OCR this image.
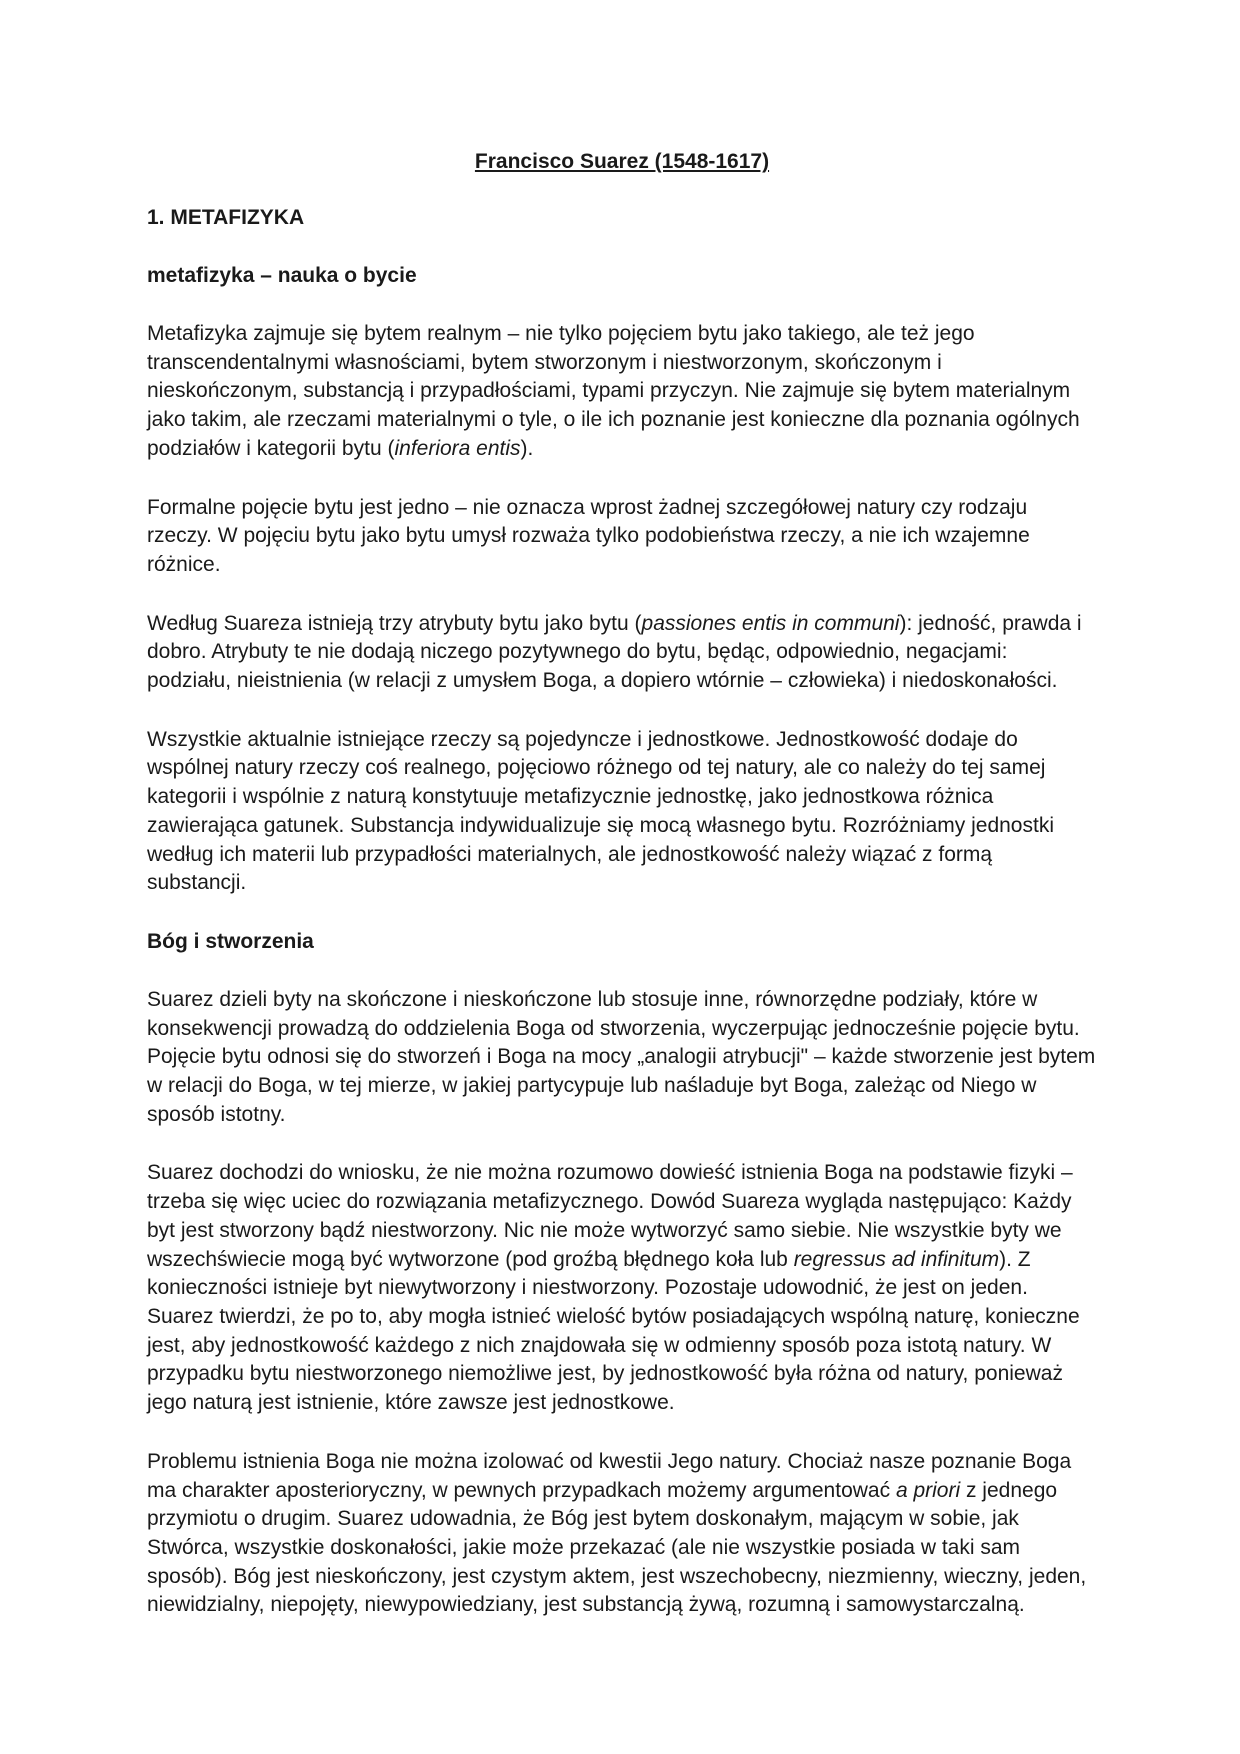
Francisco Suarez (1548-1617)
1. METAFIZYKA
metafizyka – nauka o bycie

Metafizyka zajmuje się bytem realnym – nie tylko pojęciem bytu jako takiego, ale też jego transcendentalnymi własnościami, bytem stworzonym i niestworzonym, skończonym i nieskończonym, substancją i przypadłościami, typami przyczyn. Nie zajmuje się bytem materialnym jako takim, ale rzeczami materialnymi o tyle, o ile ich poznanie jest konieczne dla poznania ogólnych podziałów i kategorii bytu (inferiora entis).

Formalne pojęcie bytu jest jedno – nie oznacza wprost żadnej szczegółowej natury czy rodzaju rzeczy. W pojęciu bytu jako bytu umysł rozważa tylko podobieństwa rzeczy, a nie ich wzajemne różnice.

Według Suareza istnieją trzy atrybuty bytu jako bytu (passiones entis in communi): jedność, prawda i dobro. Atrybuty te nie dodają niczego pozytywnego do bytu, będąc, odpowiednio, negacjami: podziału, nieistnienia (w relacji z umysłem Boga, a dopiero wtórnie – człowieka) i niedoskonałości.

Wszystkie aktualnie istniejące rzeczy są pojedyncze i jednostkowe. Jednostkowość dodaje do wspólnej natury rzeczy coś realnego, pojęciowo różnego od tej natury, ale co należy do tej samej kategorii i wspólnie z naturą konstytuuje metafizycznie jednostkę, jako jednostkowa różnica zawierająca gatunek. Substancja indywidualizuje się mocą własnego bytu. Rozróżniamy jednostki według ich materii lub przypadłości materialnych, ale jednostkowość należy wiązać z formą substancji.

Bóg i stworzenia

Suarez dzieli byty na skończone i nieskończone lub stosuje inne, równorzędne podziały, które w konsekwencji prowadzą do oddzielenia Boga od stworzenia, wyczerpując jednocześnie pojęcie bytu. Pojęcie bytu odnosi się do stworzeń i Boga na mocy „analogii atrybucji" – każde stworzenie jest bytem w relacji do Boga, w tej mierze, w jakiej partycypuje lub naśladuje byt Boga, zależąc od Niego w sposób istotny.

Suarez dochodzi do wniosku, że nie można rozumowo dowieść istnienia Boga na podstawie fizyki – trzeba się więc uciec do rozwiązania metafizycznego. Dowód Suareza wygląda następująco: Każdy byt jest stworzony bądź niestworzony. Nic nie może wytworzyć samo siebie. Nie wszystkie byty we wszechświecie mogą być wytworzone (pod groźbą błędnego koła lub regressus ad infinitum). Z konieczności istnieje byt niewytworzony i niestworzony. Pozostaje udowodnić, że jest on jeden. Suarez twierdzi, że po to, aby mogła istnieć wielość bytów posiadających wspólną naturę, konieczne jest, aby jednostkowość każdego z nich znajdowała się w odmienny sposób poza istotą natury. W przypadku bytu niestworzonego niemożliwe jest, by jednostkowość była różna od natury, ponieważ jego naturą jest istnienie, które zawsze jest jednostkowe.

Problemu istnienia Boga nie można izolować od kwestii Jego natury. Chociaż nasze poznanie Boga ma charakter aposterioryczny, w pewnych przypadkach możemy argumentować a priori z jednego przymiotu o drugim. Suarez udowadnia, że Bóg jest bytem doskonałym, mającym w sobie, jak Stwórca, wszystkie doskonałości, jakie może przekazać (ale nie wszystkie posiada w taki sam sposób). Bóg jest nieskończony, jest czystym aktem, jest wszechobecny, niezmienny, wieczny, jeden, niewidzialny, niepojęty, niewypowiedziany, jest substancją żywą, rozumną i samowystarczalną.
